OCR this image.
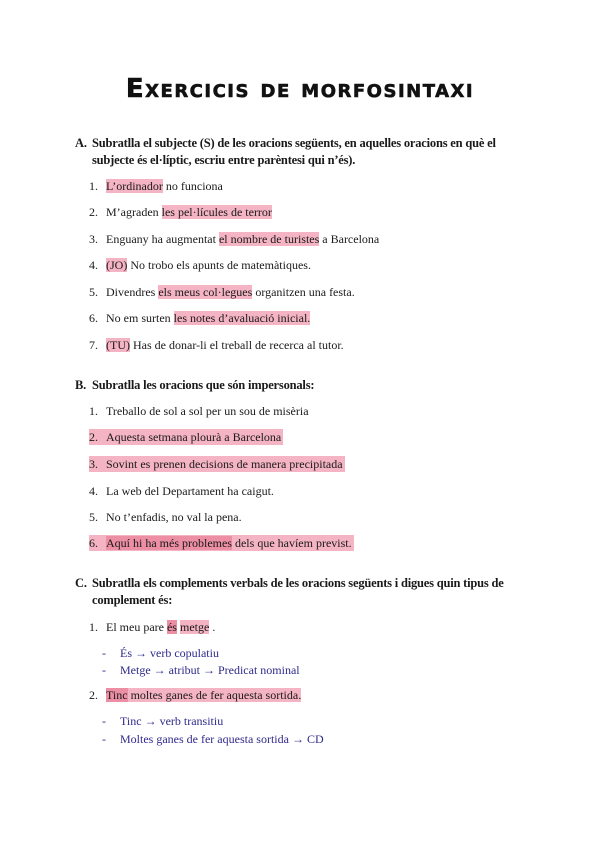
Exercicis de morfosintaxi
A. Subratlla el subjecte (S) de les oracions següents, en aquelles oracions en què el subjecte és el·líptic, escriu entre parèntesi qui n’és).
1. L’ordinador no funciona
2. M’agraden les pel·lícules de terror
3. Enguany ha augmentat el nombre de turistes a Barcelona
4. (JO) No trobo els apunts de matemàtiques.
5. Divendres els meus col·legues organitzen una festa.
6. No em surten les notes d’avaluació inicial.
7. (TU) Has de donar-li el treball de recerca al tutor.
B. Subratlla les oracions que són impersonals:
1. Treballo de sol a sol per un sou de misèria
2. Aquesta setmana plourà a Barcelona
3. Sovint es prenen decisions de manera precipitada
4. La web del Departament ha caigut.
5. No t’enfadis, no val la pena.
6. Aquí hi ha més problemes dels que havíem previst.
C. Subratlla els complements verbals de les oracions següents i digues quin tipus de complement és:
1. El meu pare és metge .
- És → verb copulatiu
- Metge → atribut → Predicat nominal
2. Tinc moltes ganes de fer aquesta sortida.
- Tinc → verb transitiu
- Moltes ganes de fer aquesta sortida → CD
